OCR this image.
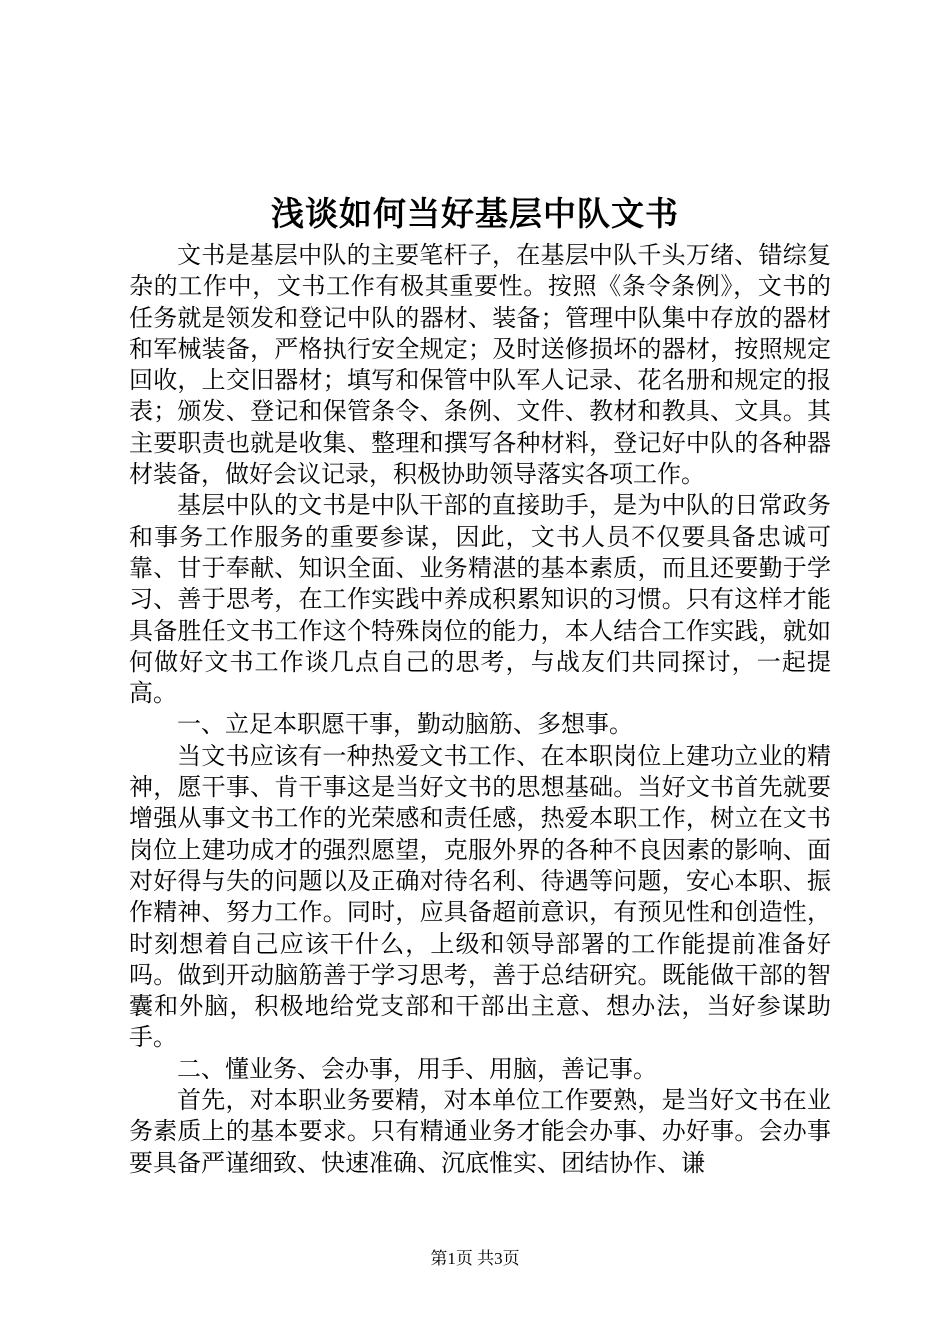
浅谈如何当好基层中队文书

文书是基层中队的主要笔杆子，在基层中队千头万绪、错综复杂的工作中，文书工作有极其重要性。按照《条令条例》，文书的任务就是领发和登记中队的器材、装备；管理中队集中存放的器材和军械装备，严格执行安全规定；及时送修损坏的器材，按照规定回收，上交旧器材；填写和保管中队军人记录、花名册和规定的报表；颁发、登记和保管条令、条例、文件、教材和教具、文具。其主要职责也就是收集、整理和撰写各种材料，登记好中队的各种器材装备，做好会议记录，积极协助领导落实各项工作。

基层中队的文书是中队干部的直接助手，是为中队的日常政务和事务工作服务的重要参谋，因此，文书人员不仅要具备忠诚可靠、甘于奉献、知识全面、业务精湛的基本素质，而且还要勤于学习、善于思考，在工作实践中养成积累知识的习惯。只有这样才能具备胜任文书工作这个特殊岗位的能力，本人结合工作实践，就如何做好文书工作谈几点自己的思考，与战友们共同探讨，一起提高。

一、立足本职愿干事，勤动脑筋、多想事。

当文书应该有一种热爱文书工作、在本职岗位上建功立业的精神，愿干事、肯干事这是当好文书的思想基础。当好文书首先就要增强从事文书工作的光荣感和责任感，热爱本职工作，树立在文书岗位上建功成才的强烈愿望，克服外界的各种不良因素的影响、面对好得与失的问题以及正确对待名利、待遇等问题，安心本职、振作精神、努力工作。同时，应具备超前意识，有预见性和创造性，时刻想着自己应该干什么，上级和领导部署的工作能提前准备好吗。做到开动脑筋善于学习思考，善于总结研究。既能做干部的智囊和外脑，积极地给党支部和干部出主意、想办法，当好参谋助手。

二、懂业务、会办事，用手、用脑，善记事。

首先，对本职业务要精，对本单位工作要熟，是当好文书在业务素质上的基本要求。只有精通业务才能会办事、办好事。会办事要具备严谨细致、快速准确、沉底惟实、团结协作、谦

第1页 共3页
